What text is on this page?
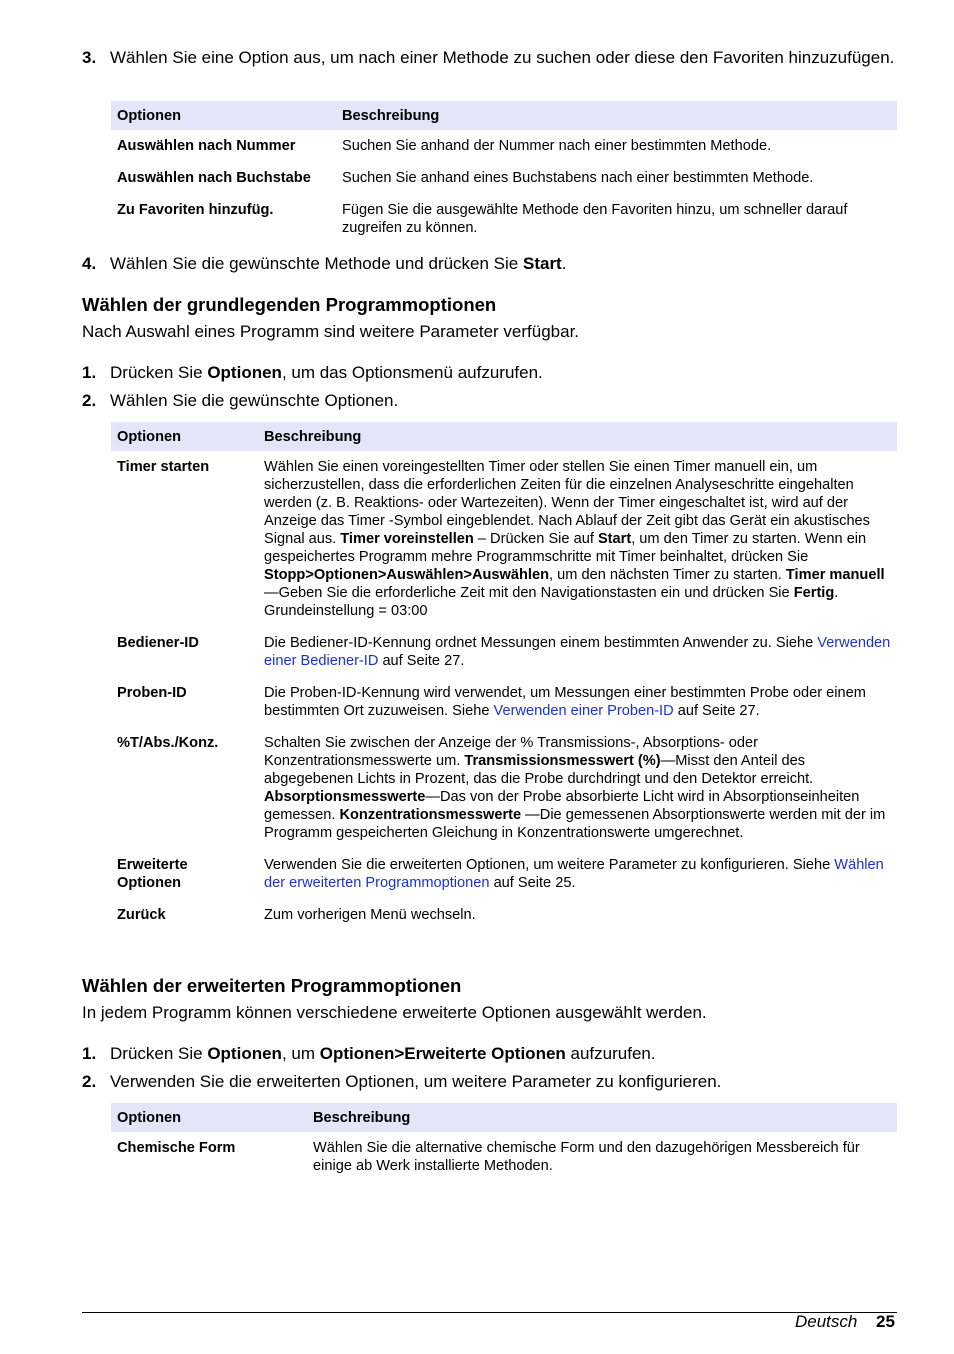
3. Wählen Sie eine Option aus, um nach einer Methode zu suchen oder diese den Favoriten hinzuzufügen.
Optionen	Beschreibung
Auswählen nach Nummer	Suchen Sie anhand der Nummer nach einer bestimmten Methode.
Auswählen nach Buchstabe	Suchen Sie anhand eines Buchstabens nach einer bestimmten Methode.
Zu Favoriten hinzufüg.	Fügen Sie die ausgewählte Methode den Favoriten hinzu, um schneller darauf zugreifen zu können.
4. Wählen Sie die gewünschte Methode und drücken Sie Start.
Wählen der grundlegenden Programmoptionen

Nach Auswahl eines Programm sind weitere Parameter verfügbar.

1. Drücken Sie Optionen, um das Optionsmenü aufzurufen.
2. Wählen Sie die gewünschte Optionen.
Optionen	Beschreibung
Timer starten	Wählen Sie einen voreingestellten Timer oder stellen Sie einen Timer manuell ein, um sicherzustellen, dass die erforderlichen Zeiten für die einzelnen Analyseschritte eingehalten werden (z. B. Reaktions- oder Wartezeiten). Wenn der Timer eingeschaltet ist, wird auf der Anzeige das Timer -Symbol eingeblendet. Nach Ablauf der Zeit gibt das Gerät ein akustisches Signal aus. Timer voreinstellen – Drücken Sie auf Start, um den Timer zu starten. Wenn ein gespeichertes Programm mehre Programmschritte mit Timer beinhaltet, drücken Sie Stopp>Optionen>Auswählen>Auswählen, um den nächsten Timer zu starten. Timer manuell—Geben Sie die erforderliche Zeit mit den Navigationstasten ein und drücken Sie Fertig. Grundeinstellung = 03:00
Bediener-ID	Die Bediener-ID-Kennung ordnet Messungen einem bestimmten Anwender zu. Siehe Verwenden einer Bediener-ID auf Seite 27.
Proben-ID	Die Proben-ID-Kennung wird verwendet, um Messungen einer bestimmten Probe oder einem bestimmten Ort zuzuweisen. Siehe Verwenden einer Proben-ID auf Seite 27.
%T/Abs./Konz.	Schalten Sie zwischen der Anzeige der % Transmissions-, Absorptions- oder Konzentrationsmesswerte um. Transmissionsmesswert (%)—Misst den Anteil des abgegebenen Lichts in Prozent, das die Probe durchdringt und den Detektor erreicht. Absorptionsmesswerte—Das von der Probe absorbierte Licht wird in Absorptionseinheiten gemessen. Konzentrationsmesswerte —Die gemessenen Absorptionswerte werden mit der im Programm gespeicherten Gleichung in Konzentrationswerte umgerechnet.
Erweiterte
Optionen	Verwenden Sie die erweiterten Optionen, um weitere Parameter zu konfigurieren. Siehe Wählen der erweiterten Programmoptionen auf Seite 25.
Zurück	Zum vorherigen Menü wechseln.
Wählen der erweiterten Programmoptionen

In jedem Programm können verschiedene erweiterte Optionen ausgewählt werden.

1. Drücken Sie Optionen, um Optionen>Erweiterte Optionen aufzurufen.
2. Verwenden Sie die erweiterten Optionen, um weitere Parameter zu konfigurieren.
Optionen	Beschreibung
Chemische Form	Wählen Sie die alternative chemische Form und den dazugehörigen Messbereich für einige ab Werk installierte Methoden.
Deutsch 25
